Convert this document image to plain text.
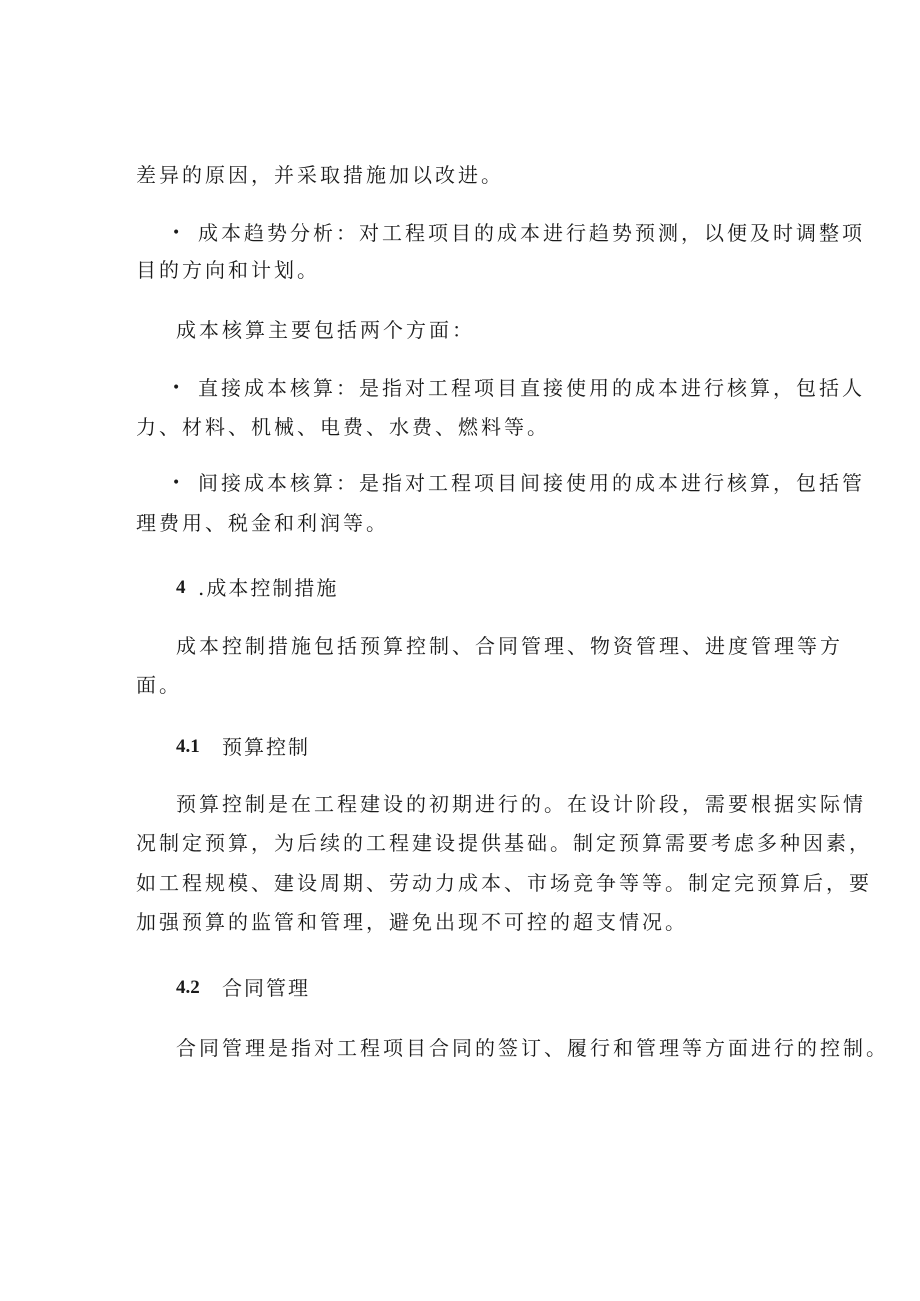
差异的原因，并采取措施加以改进。
• 成本趋势分析：对工程项目的成本进行趋势预测，以便及时调整项
目的方向和计划。
成本核算主要包括两个方面：
• 直接成本核算：是指对工程项目直接使用的成本进行核算，包括人
力、材料、机械、电费、水费、燃料等。
• 间接成本核算：是指对工程项目间接使用的成本进行核算，包括管
理费用、税金和利润等。
4 .成本控制措施
成本控制措施包括预算控制、合同管理、物资管理、进度管理等方
面。
4.1 预算控制
预算控制是在工程建设的初期进行的。在设计阶段，需要根据实际情
况制定预算，为后续的工程建设提供基础。制定预算需要考虑多种因素，
如工程规模、建设周期、劳动力成本、市场竞争等等。制定完预算后，要
加强预算的监管和管理，避免出现不可控的超支情况。
4.2 合同管理
合同管理是指对工程项目合同的签订、履行和管理等方面进行的控制。
